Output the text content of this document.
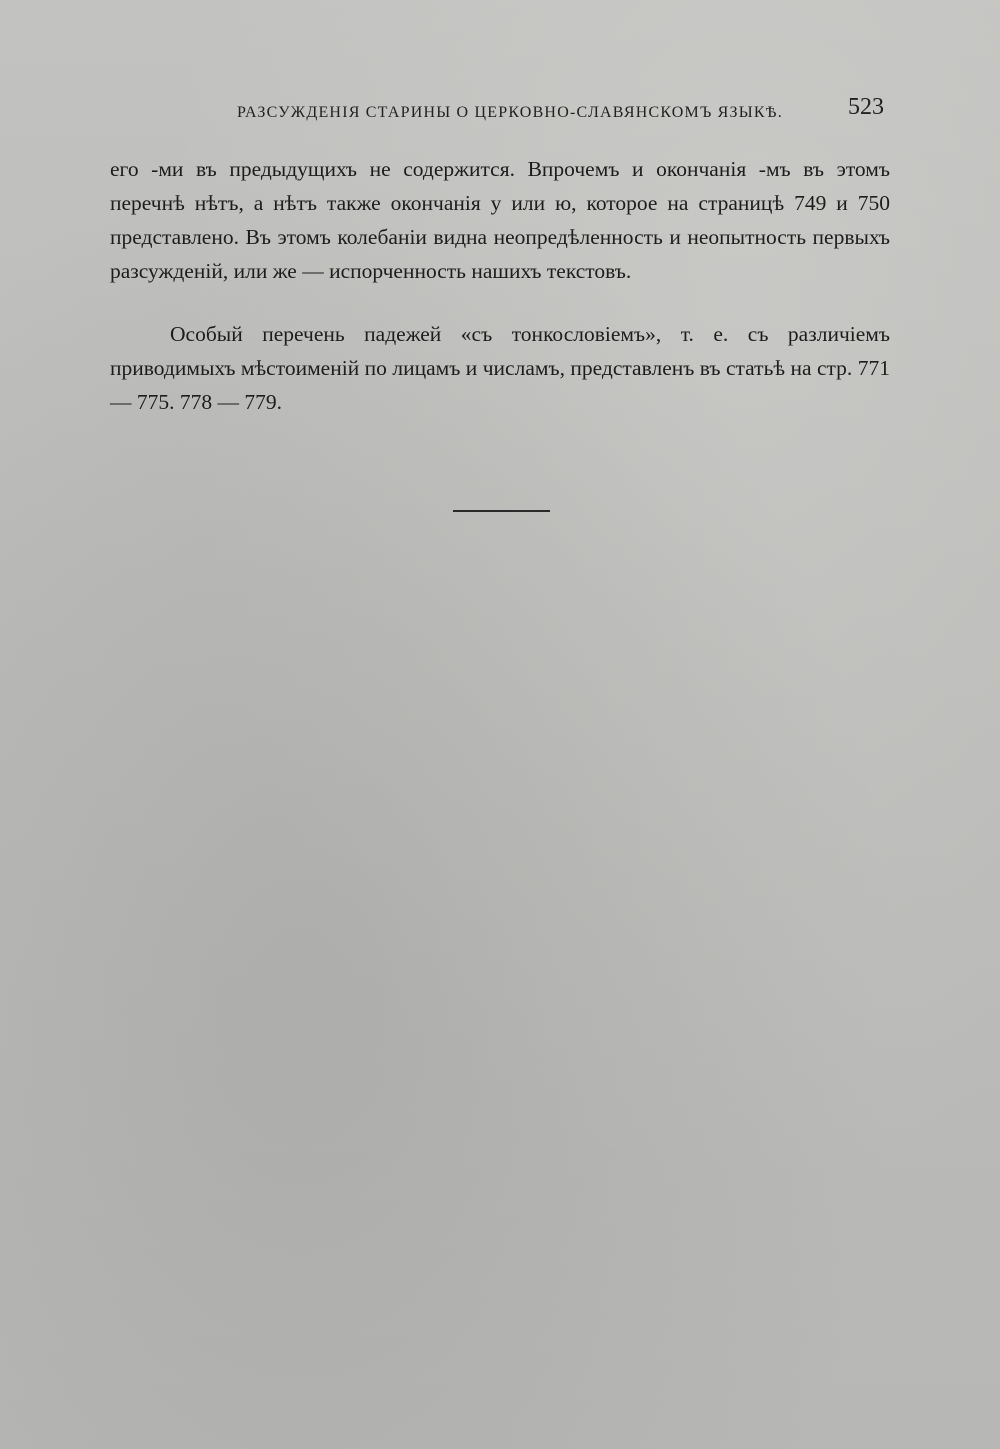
РАЗСУЖДЕНІЯ СТАРИНЫ О ЦЕРКОВНО-СЛАВЯНСКОМЪ ЯЗЫКѢ.	523
его -ми въ предыдущихъ не содержится. Впрочемъ и окончанія -мъ въ этомъ перечнѣ нѣтъ, а нѣтъ также окончанія у или ю, которое на страницѣ 749 и 750 представлено. Въ этомъ колебаніи видна неопредѣленность и неопытность первыхъ разсужденій, или же — испорченность нашихъ текстовъ.
Особый перечень падежей «съ тонкословіемъ», т. е. съ различіемъ приводимыхъ мѣстоименій по лицамъ и числамъ, представленъ въ статьѣ на стр. 771 — 775. 778 — 779.
